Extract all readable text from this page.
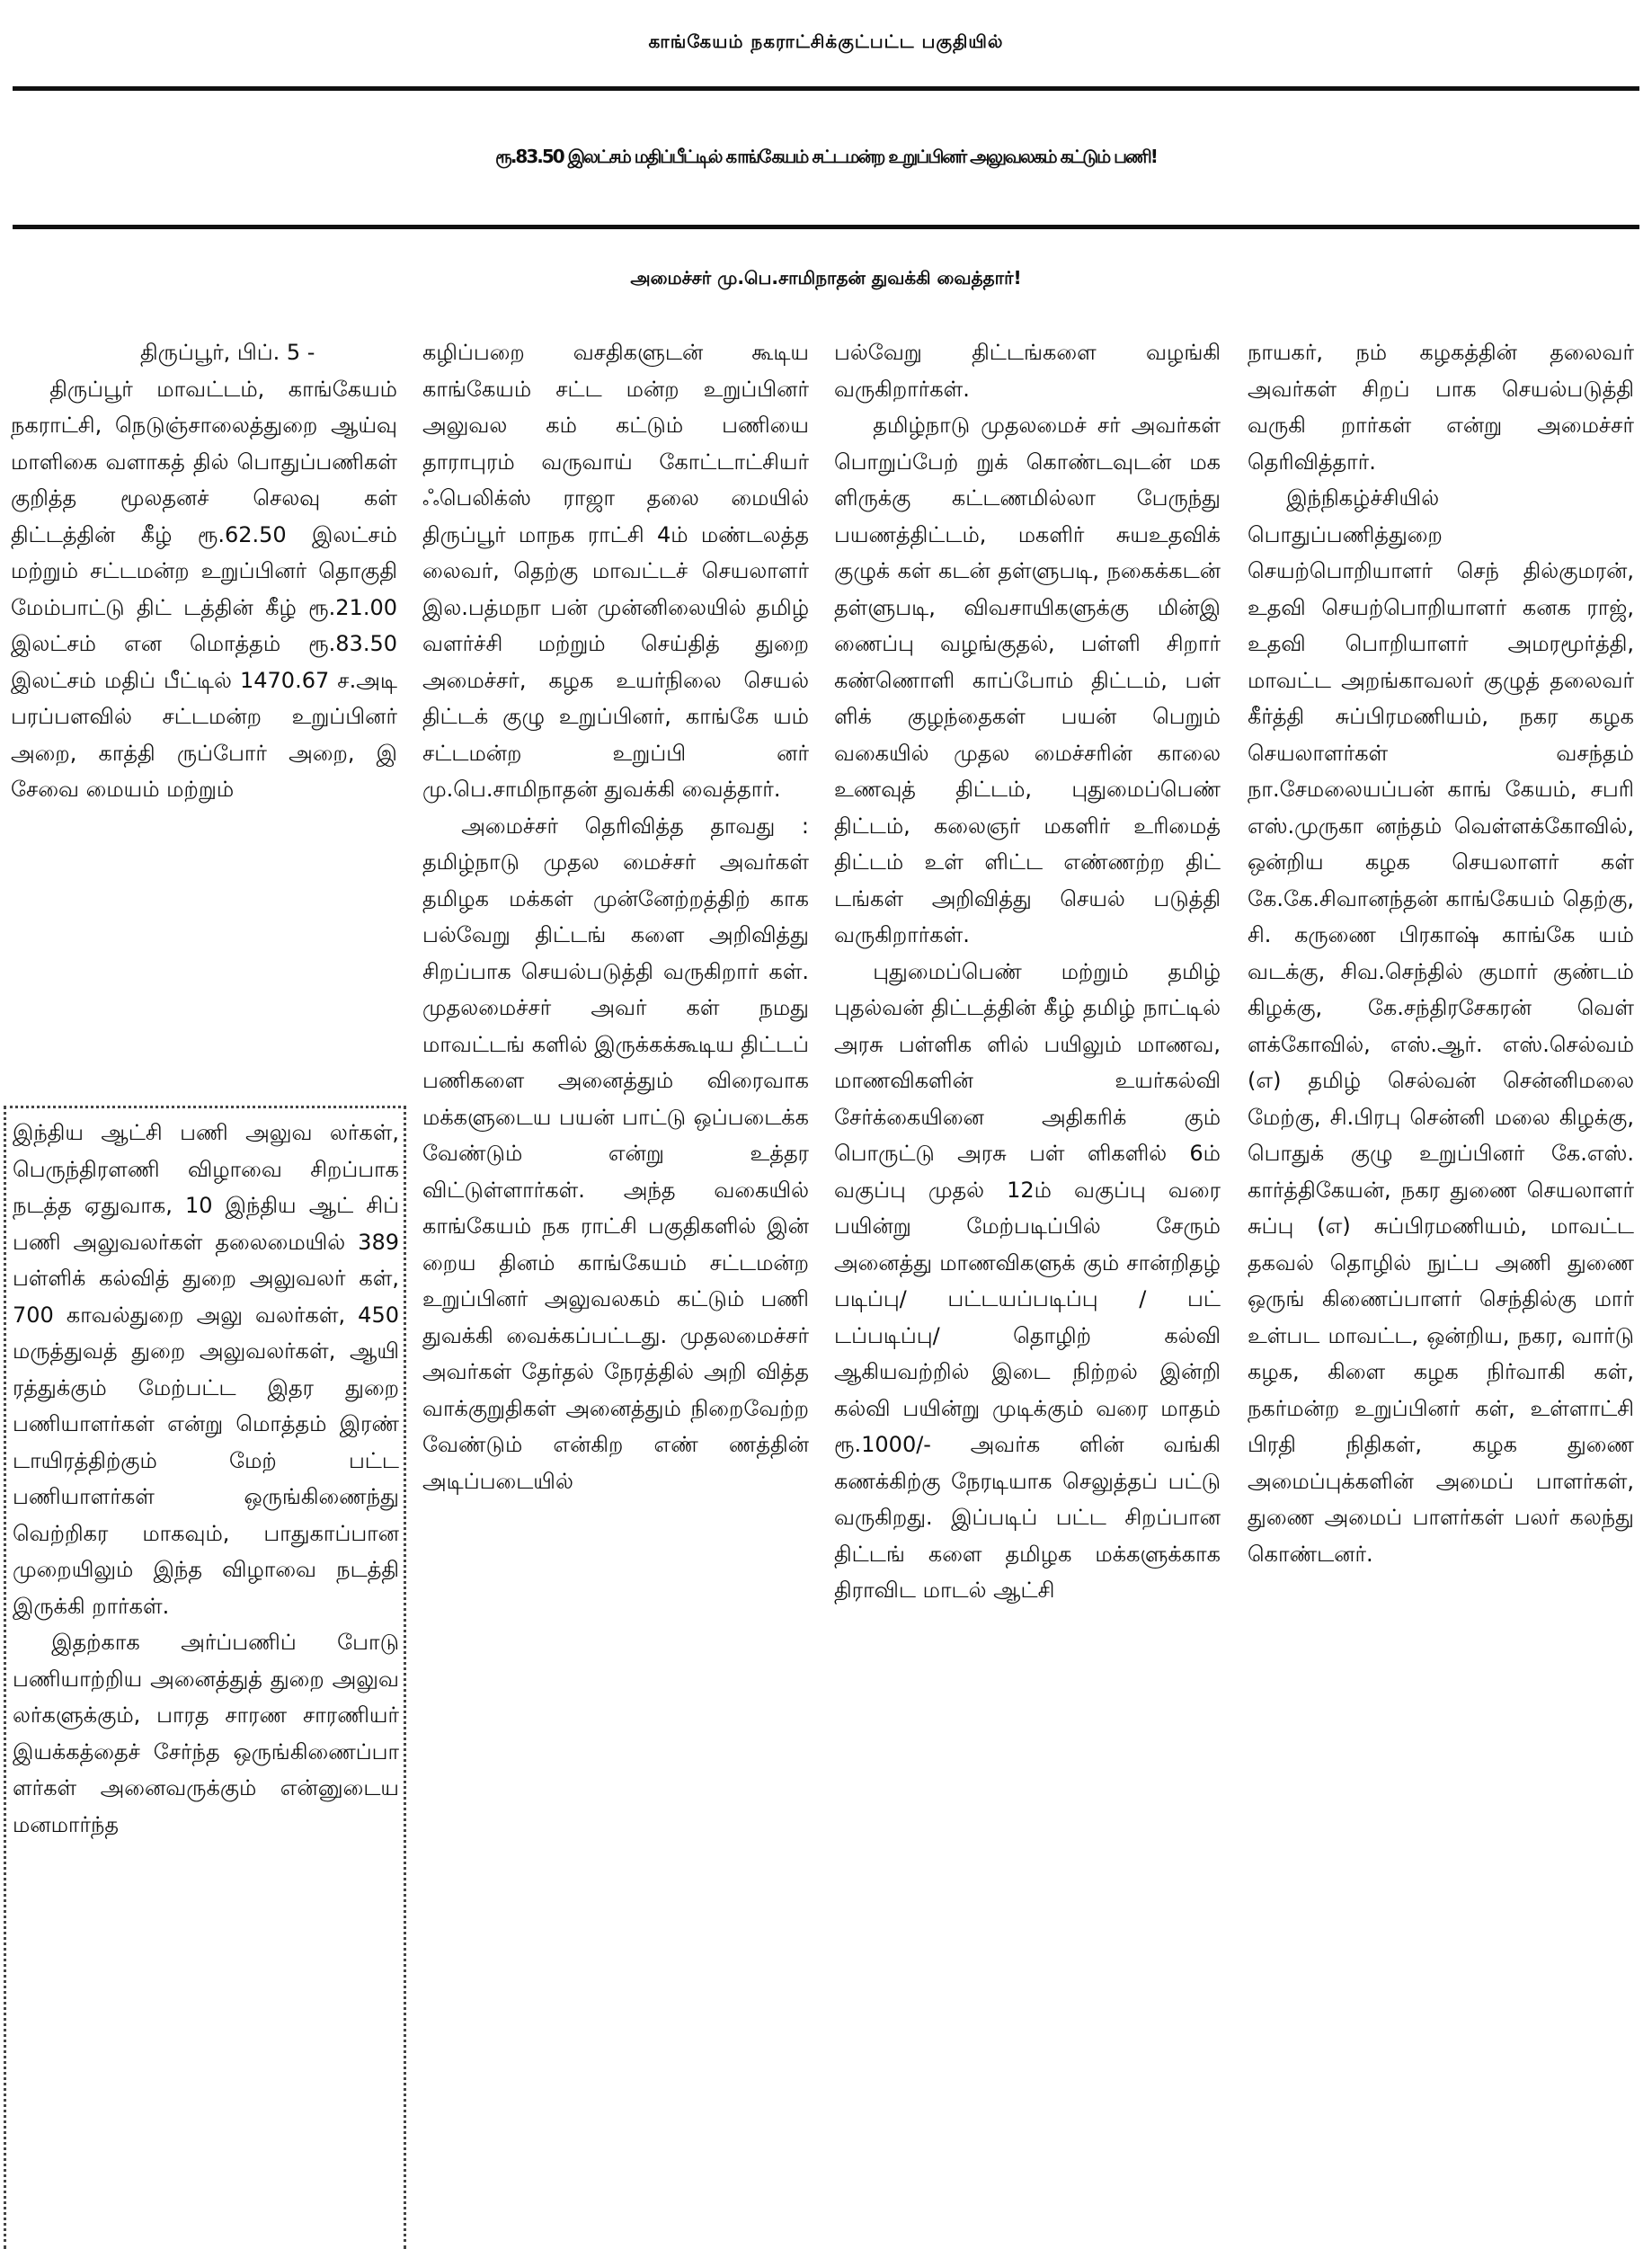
காங்கேயம் நகராட்சிக்குட்பட்ட பகுதியில்
ரூ.83.50 இலட்சம் மதிப்பீட்டில் காங்கேயம் சட்டமன்ற உறுப்பினர் அலுவலகம் கட்டும் பணி!
அமைச்சர் மு.பெ.சாமிநாதன் துவக்கி வைத்தார்!

திருப்பூர், பிப். 5 -

திருப்பூர் மாவட்டம், காங்கேயம் நகராட்சி, நெடுஞ்சாலைத்துறை ஆய்வு மாளிகை வளாகத் தில் பொதுப்பணிகள் குறித்த மூலதனச் செலவு கள் திட்டத்தின் கீழ் ரூ.62.50 இலட்சம் மற்றும் சட்டமன்ற உறுப்பினர் தொகுதி மேம்பாட்டு திட் டத்தின் கீழ் ரூ.21.00 இலட்சம் என மொத்தம் ரூ.83.50 இலட்சம் மதிப் பீட்டில் 1470.67 ச.அடி பரப்பளவில் சட்டமன்ற உறுப்பினர் அறை, காத்தி ருப்போர் அறை, இ சேவை மையம் மற்றும்

இந்திய ஆட்சி பணி அலுவ லர்கள், பெருந்திரளணி விழாவை சிறப்பாக நடத்த ஏதுவாக, 10 இந்திய ஆட் சிப் பணி அலுவலர்கள் தலைமையில் 389 பள்ளிக் கல்வித் துறை அலுவலர் கள், 700 காவல்துறை அலு வலர்கள், 450 மருத்துவத் துறை அலுவலர்கள், ஆயி ரத்துக்கும் மேற்பட்ட இதர துறை பணியாளர்கள் என்று மொத்தம் இரண் டாயிரத்திற்கும் மேற் பட்ட பணியாளர்கள் ஒருங்கிணைந்து வெற்றிகர மாகவும், பாதுகாப்பான முறையிலும் இந்த விழாவை நடத்தி இருக்கி றார்கள்.

இதற்காக அர்ப்பணிப் போடு பணியாற்றிய அனைத்துத் துறை அலுவ லர்களுக்கும், பாரத சாரண சாரணியர் இயக்கத்தைச் சேர்ந்த ஒருங்கிணைப்பா ளர்கள் அனைவருக்கும் என்னுடைய மனமார்ந்த

கழிப்பறை வசதிகளுடன் கூடிய காங்கேயம் சட்ட மன்ற உறுப்பினர் அலுவல கம் கட்டும் பணியை தாராபுரம் வருவாய் கோட்டாட்சியர் ஃபெலிக்ஸ் ராஜா தலை மையில் திருப்பூர் மாநக ராட்சி 4ம் மண்டலத்த லைவர், தெற்கு மாவட்டச் செயலாளர் இல.பத்மநா பன் முன்னிலையில் தமிழ் வளர்ச்சி மற்றும் செய்தித் துறை அமைச்சர், கழக உயர்நிலை செயல் திட்டக் குழு உறுப்பினர், காங்கே யம் சட்டமன்ற உறுப்பி னர் மு.பெ.சாமிநாதன் துவக்கி வைத்தார்.

அமைச்சர் தெரிவித்த தாவது : தமிழ்நாடு முதல மைச்சர் அவர்கள் தமிழக மக்கள் முன்னேற்றத்திற் காக பல்வேறு திட்டங் களை அறிவித்து சிறப்பாக செயல்படுத்தி வருகிறார் கள். முதலமைச்சர் அவர் கள் நமது மாவட்டங் களில் இருக்கக்கூடிய திட்டப் பணிகளை அனைத்தும் விரைவாக மக்களுடைய பயன் பாட்டு ஒப்படைக்க வேண்டும் என்று உத்தர விட்டுள்ளார்கள். அந்த வகையில் காங்கேயம் நக ராட்சி பகுதிகளில் இன் றைய தினம் காங்கேயம் சட்டமன்ற உறுப்பினர் அலுவலகம் கட்டும் பணி துவக்கி வைக்கப்பட்டது. முதலமைச்சர் அவர்கள் தேர்தல் நேரத்தில் அறி வித்த வாக்குறுதிகள் அனைத்தும் நிறைவேற்ற வேண்டும் என்கிற எண் ணத்தின் அடிப்படையில்

பல்வேறு திட்டங்களை வழங்கி வருகிறார்கள்.

தமிழ்நாடு முதலமைச் சர் அவர்கள் பொறுப்பேற் றுக் கொண்டவுடன் மக ளிருக்கு கட்டணமில்லா பேருந்து பயணத்திட்டம், மகளிர் சுயஉதவிக் குழுக் கள் கடன் தள்ளுபடி, நகைக்கடன் தள்ளுபடி, விவசாயிகளுக்கு மின்இ ணைப்பு வழங்குதல், பள்ளி சிறார் கண்ணொளி காப்போம் திட்டம், பள் ளிக் குழந்தைகள் பயன் பெறும் வகையில் முதல மைச்சரின் காலை உணவுத் திட்டம், புதுமைப்பெண் திட்டம், கலைஞர் மகளிர் உரிமைத் திட்டம் உள் ளிட்ட எண்ணற்ற திட் டங்கள் அறிவித்து செயல் படுத்தி வருகிறார்கள்.

புதுமைப்பெண் மற்றும் தமிழ் புதல்வன் திட்டத்தின் கீழ் தமிழ் நாட்டில் அரசு பள்ளிக ளில் பயிலும் மாணவ, மாணவிகளின் உயர்கல்வி சேர்க்கையினை அதிகரிக் கும் பொருட்டு அரசு பள் ளிகளில் 6ம் வகுப்பு முதல் 12ம் வகுப்பு வரை பயின்று மேற்படிப்பில் சேரும் அனைத்து மாணவிகளுக் கும் சான்றிதழ் படிப்பு/ பட்டயப்படிப்பு / பட் டப்படிப்பு/ தொழிற் கல்வி ஆகியவற்றில் இடை நிற்றல் இன்றி கல்வி பயின்று முடிக்கும் வரை மாதம் ரூ.1000/- அவர்க ளின் வங்கி கணக்கிற்கு நேரடியாக செலுத்தப் பட்டு வருகிறது. இப்படிப் பட்ட சிறப்பான திட்டங் களை தமிழக மக்களுக்காக திராவிட மாடல் ஆட்சி

நாயகர், நம் கழகத்தின் தலைவர் அவர்கள் சிறப் பாக செயல்படுத்தி வருகி றார்கள் என்று அமைச்சர் தெரிவித்தார்.

இந்நிகழ்ச்சியில் பொதுப்பணித்துறை செயற்பொறியாளர் செந் தில்குமரன், உதவி செயற்பொறியாளர் கனக ராஜ், உதவி பொறியாளர் அமரமூர்த்தி, மாவட்ட அறங்காவலர் குழுத் தலைவர் கீர்த்தி சுப்பிரமணியம், நகர கழக செயலாளர்கள் வசந்தம் நா.சேமலையப்பன் காங் கேயம், சபரி எஸ்.முருகா னந்தம் வெள்ளக்கோவில், ஒன்றிய கழக செயலாளர் கள் கே.கே.சிவானந்தன் காங்கேயம் தெற்கு, சி. கருணை பிரகாஷ் காங்கே யம் வடக்கு, சிவ.செந்தில் குமார் குண்டம் கிழக்கு, கே.சந்திரசேகரன் வெள் ளக்கோவில், எஸ்.ஆர். எஸ்.செல்வம் (எ) தமிழ் செல்வன் சென்னிமலை மேற்கு, சி.பிரபு சென்னி மலை கிழக்கு, பொதுக் குழு உறுப்பினர் கே.எஸ். கார்த்திகேயன், நகர துணை செயலாளர் சுப்பு (எ) சுப்பிரமணியம், மாவட்ட தகவல் தொழில் நுட்ப அணி துணை ஒருங் கிணைப்பாளர் செந்தில்கு மார் உள்பட மாவட்ட, ஒன்றிய, நகர, வார்டு கழக, கிளை கழக நிர்வாகி கள், நகர்மன்ற உறுப்பினர் கள், உள்ளாட்சி பிரதி நிதிகள், கழக துணை அமைப்புக்களின் அமைப் பாளர்கள், துணை அமைப் பாளர்கள் பலர் கலந்து கொண்டனர்.
